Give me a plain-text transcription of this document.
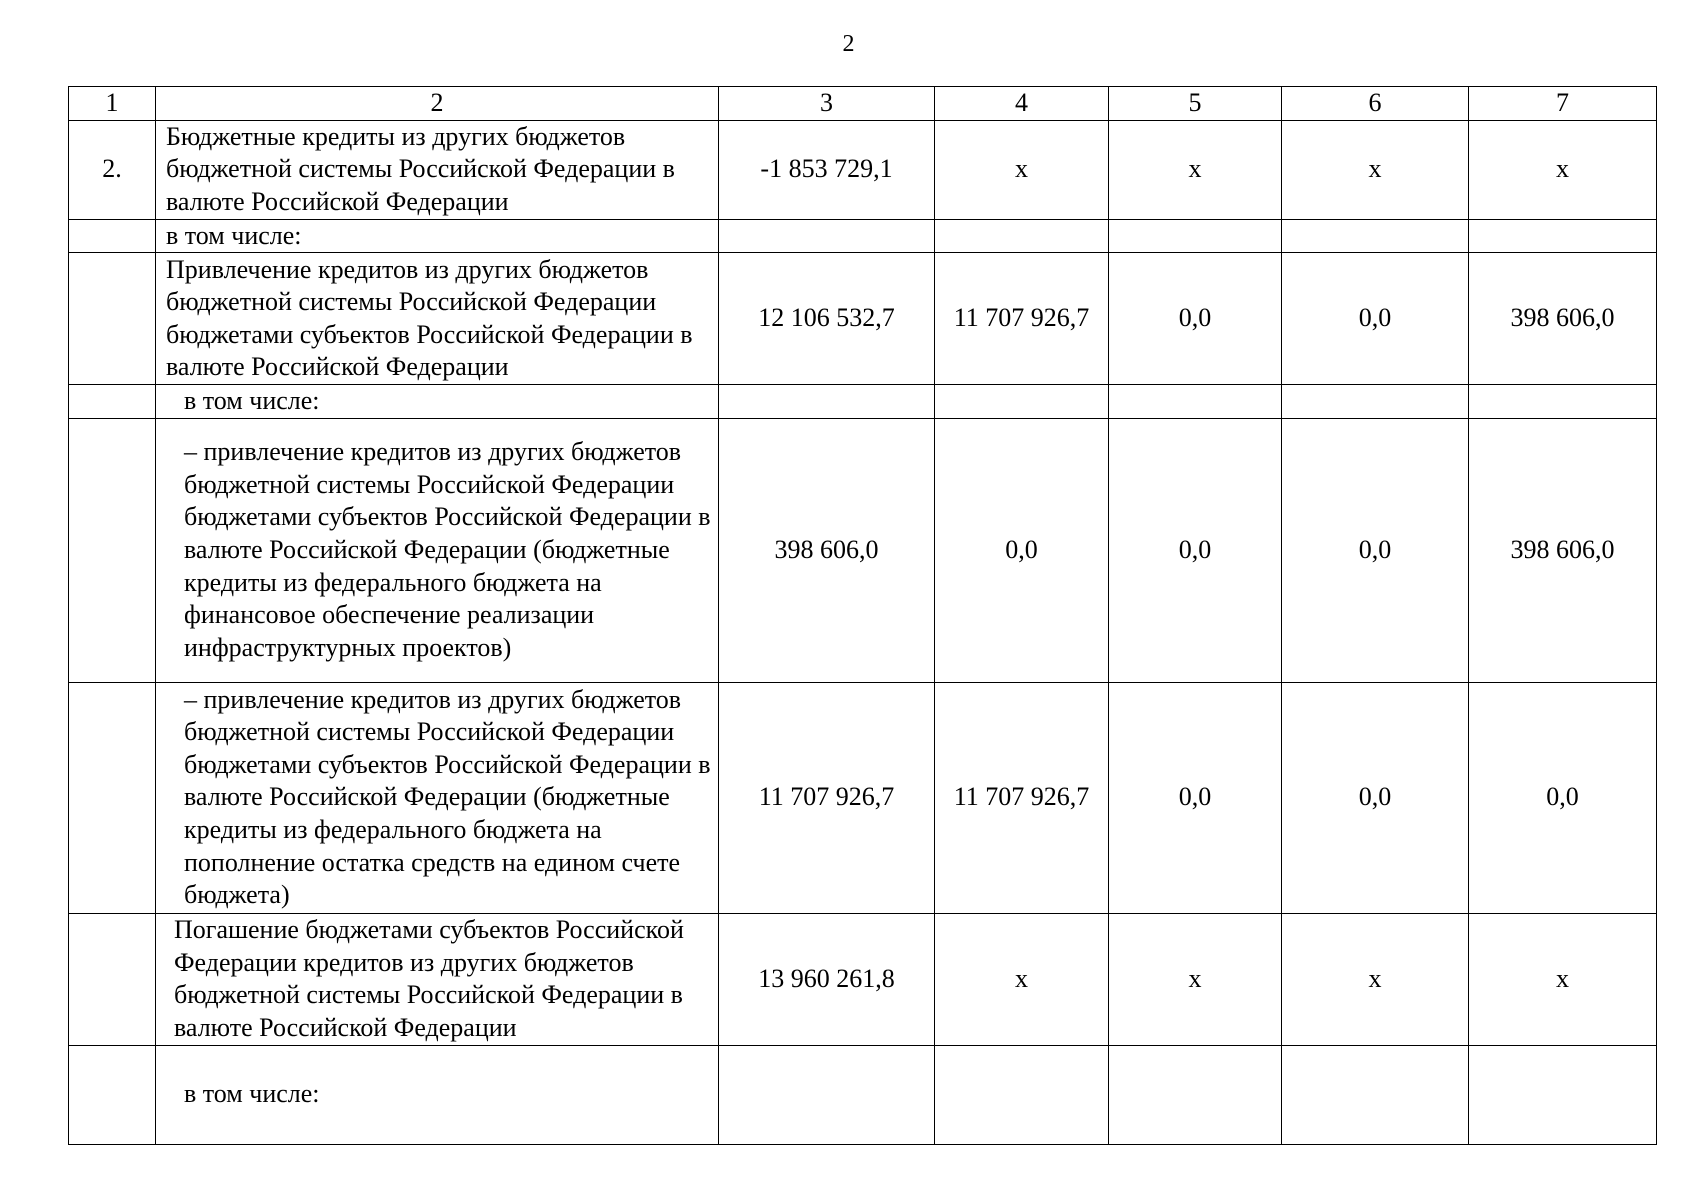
2
1	2	3	4	5	6	7
2.	Бюджетные кредиты из других бюджетов бюджетной системы Российской Федерации в валюте Российской Федерации	-1 853 729,1	х	х	х	х
	в том числе:					
	Привлечение кредитов из других бюджетов бюджетной системы Российской Федерации бюджетами субъектов Российской Федерации в валюте Российской Федерации	12 106 532,7	11 707 926,7	0,0	0,0	398 606,0
	в том числе:					
	– привлечение кредитов из других бюджетов бюджетной системы Российской Федерации бюджетами субъектов Российской Федерации в валюте Российской Федерации (бюджетные кредиты из федерального бюджета на финансовое обеспечение реализации инфраструктурных проектов)	398 606,0	0,0	0,0	0,0	398 606,0
	– привлечение кредитов из других бюджетов бюджетной системы Российской Федерации бюджетами субъектов Российской Федерации в валюте Российской Федерации (бюджетные кредиты из федерального бюджета на пополнение остатка средств на едином счете бюджета)	11 707 926,7	11 707 926,7	0,0	0,0	0,0
	Погашение бюджетами субъектов Российской Федерации кредитов из других бюджетов бюджетной системы Российской Федерации в валюте Российской Федерации	13 960 261,8	х	х	х	х
	в том числе:					
